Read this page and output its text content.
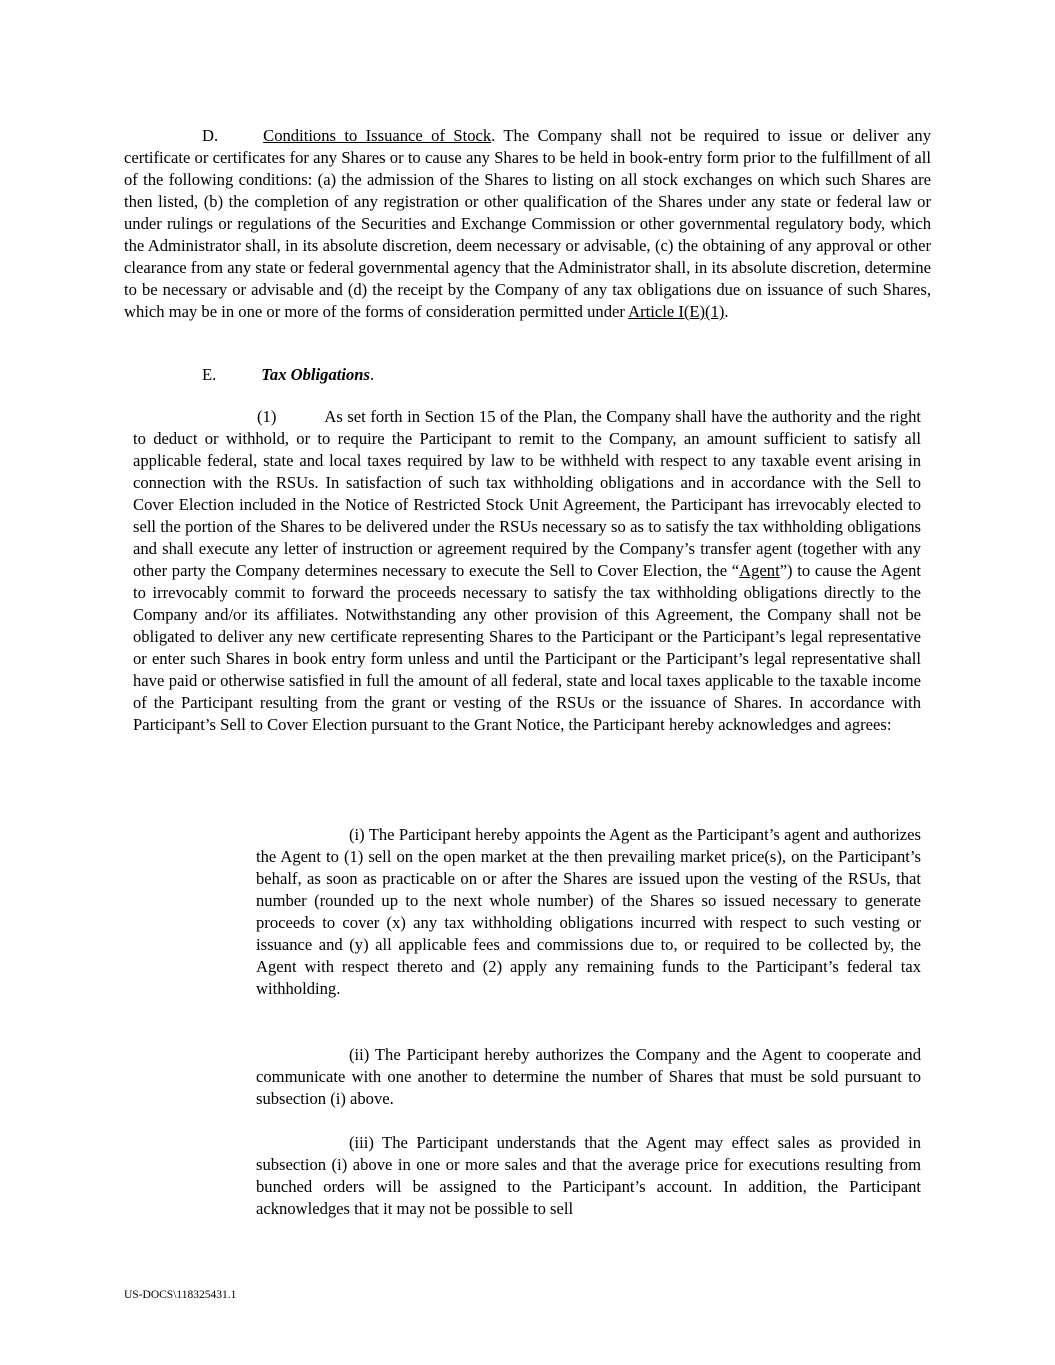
D.	Conditions to Issuance of Stock. The Company shall not be required to issue or deliver any certificate or certificates for any Shares or to cause any Shares to be held in book-entry form prior to the fulfillment of all of the following conditions: (a) the admission of the Shares to listing on all stock exchanges on which such Shares are then listed, (b) the completion of any registration or other qualification of the Shares under any state or federal law or under rulings or regulations of the Securities and Exchange Commission or other governmental regulatory body, which the Administrator shall, in its absolute discretion, deem necessary or advisable, (c) the obtaining of any approval or other clearance from any state or federal governmental agency that the Administrator shall, in its absolute discretion, determine to be necessary or advisable and (d) the receipt by the Company of any tax obligations due on issuance of such Shares, which may be in one or more of the forms of consideration permitted under Article I(E)(1).

E.	Tax Obligations.

(1)	As set forth in Section 15 of the Plan, the Company shall have the authority and the right to deduct or withhold, or to require the Participant to remit to the Company, an amount sufficient to satisfy all applicable federal, state and local taxes required by law to be withheld with respect to any taxable event arising in connection with the RSUs. In satisfaction of such tax withholding obligations and in accordance with the Sell to Cover Election included in the Notice of Restricted Stock Unit Agreement, the Participant has irrevocably elected to sell the portion of the Shares to be delivered under the RSUs necessary so as to satisfy the tax withholding obligations and shall execute any letter of instruction or agreement required by the Company’s transfer agent (together with any other party the Company determines necessary to execute the Sell to Cover Election, the “Agent”) to cause the Agent to irrevocably commit to forward the proceeds necessary to satisfy the tax withholding obligations directly to the Company and/or its affiliates. Notwithstanding any other provision of this Agreement, the Company shall not be obligated to deliver any new certificate representing Shares to the Participant or the Participant’s legal representative or enter such Shares in book entry form unless and until the Participant or the Participant’s legal representative shall have paid or otherwise satisfied in full the amount of all federal, state and local taxes applicable to the taxable income of the Participant resulting from the grant or vesting of the RSUs or the issuance of Shares. In accordance with Participant’s Sell to Cover Election pursuant to the Grant Notice, the Participant hereby acknowledges and agrees:

(i) The Participant hereby appoints the Agent as the Participant’s agent and authorizes the Agent to (1) sell on the open market at the then prevailing market price(s), on the Participant’s behalf, as soon as practicable on or after the Shares are issued upon the vesting of the RSUs, that number (rounded up to the next whole number) of the Shares so issued necessary to generate proceeds to cover (x) any tax withholding obligations incurred with respect to such vesting or issuance and (y) all applicable fees and commissions due to, or required to be collected by, the Agent with respect thereto and (2) apply any remaining funds to the Participant’s federal tax withholding.

(ii) The Participant hereby authorizes the Company and the Agent to cooperate and communicate with one another to determine the number of Shares that must be sold pursuant to subsection (i) above.

(iii) The Participant understands that the Agent may effect sales as provided in subsection (i) above in one or more sales and that the average price for executions resulting from bunched orders will be assigned to the Participant’s account. In addition, the Participant acknowledges that it may not be possible to sell

US-DOCS\118325431.1
